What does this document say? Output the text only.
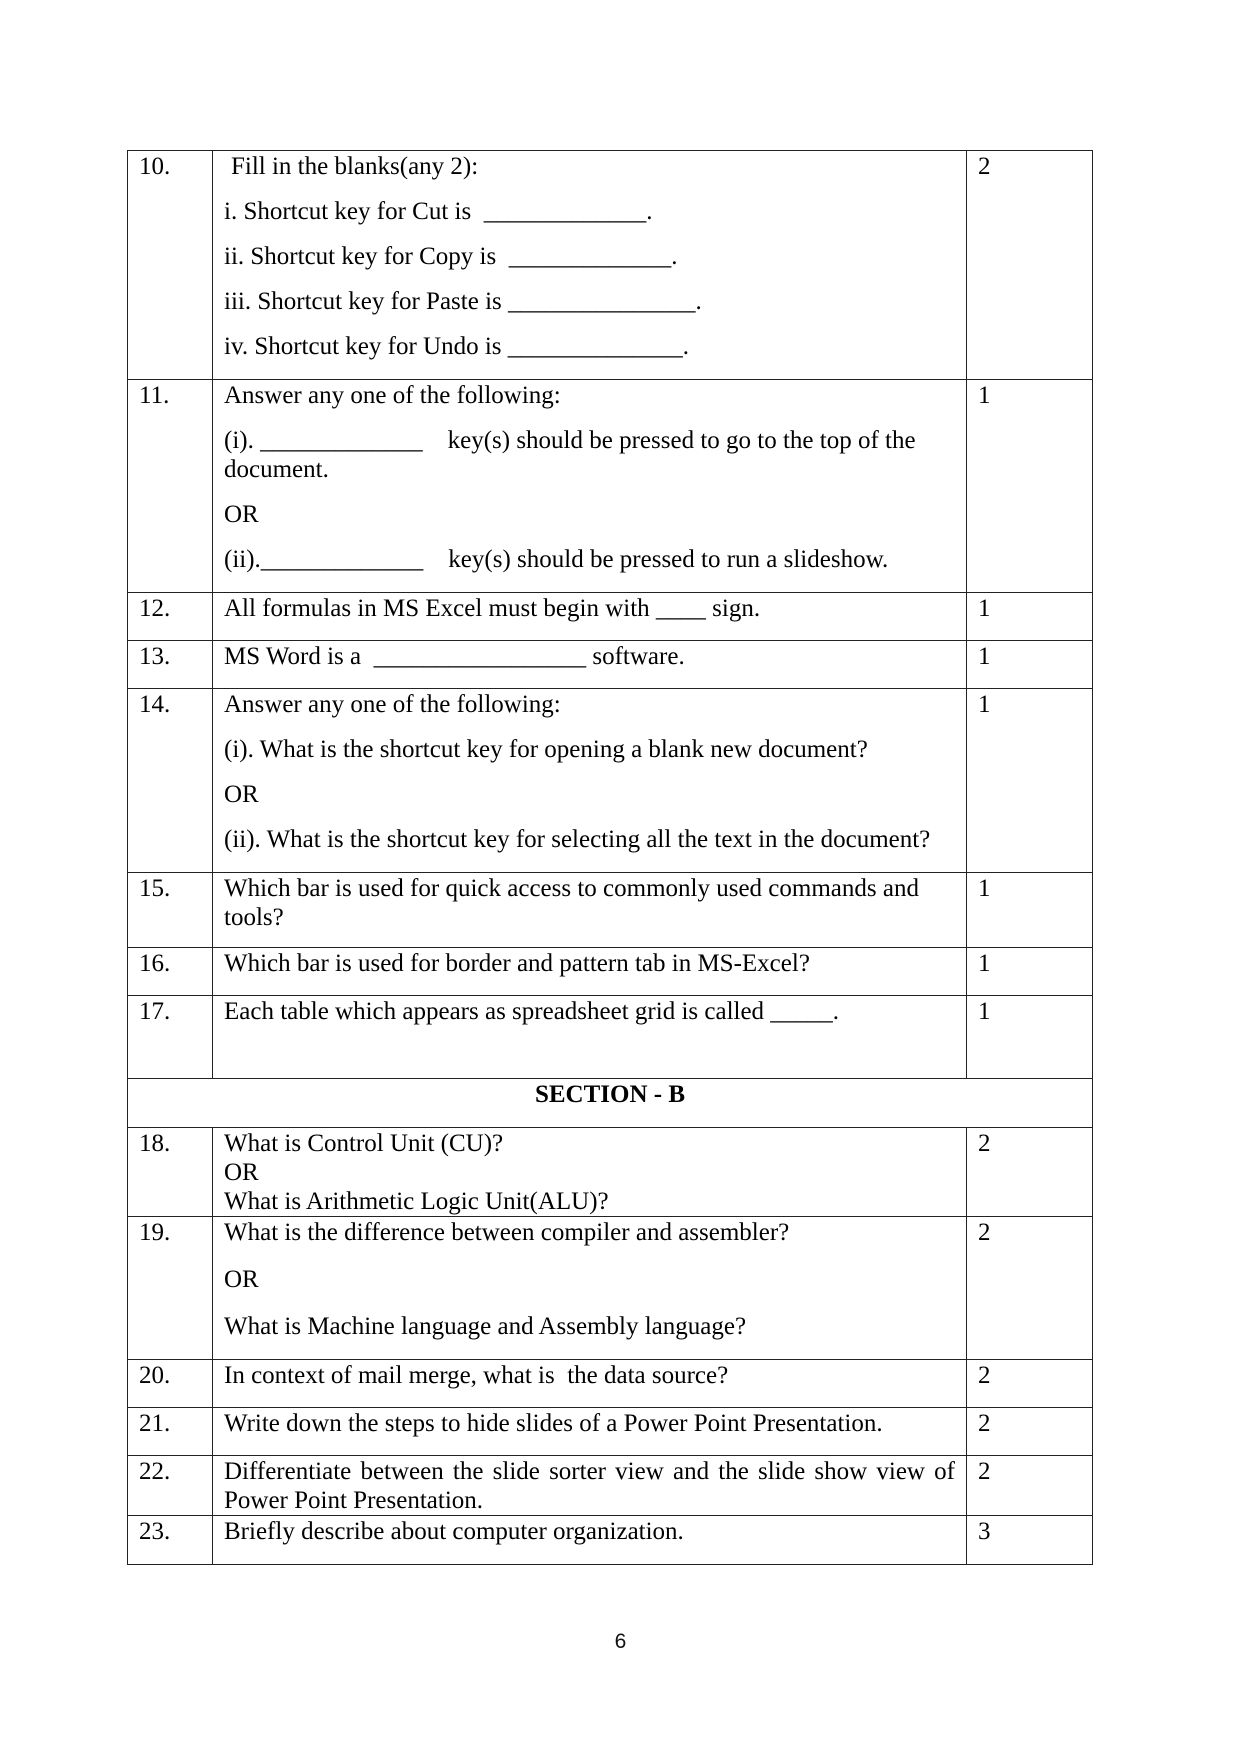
10.	Fill in the blanks(any 2):

i. Shortcut key for Cut is  _____________.

ii. Shortcut key for Copy is  _____________.

iii. Shortcut key for Paste is _______________.

iv. Shortcut key for Undo is ______________.	2
11.	Answer any one of the following:

(i). _____________    key(s) should be pressed to go to the top of the document.

OR

(ii)._____________    key(s) should be pressed to run a slideshow.	1
12.	All formulas in MS Excel must begin with ____ sign.	1
13.	MS Word is a  _________________ software.	1
14.	Answer any one of the following:

(i). What is the shortcut key for opening a blank new document?

OR

(ii). What is the shortcut key for selecting all the text in the document?	1
15.	Which bar is used for quick access to commonly used commands and tools?	1
16.	Which bar is used for border and pattern tab in MS-Excel?	1
17.	Each table which appears as spreadsheet grid is called _____.	1
SECTION - B		
18.	What is Control Unit (CU)?

OR

What is Arithmetic Logic Unit(ALU)?	2
19.	What is the difference between compiler and assembler?

OR

What is Machine language and Assembly language?	2
20.	In context of mail merge, what is  the data source?	2
21.	Write down the steps to hide slides of a Power Point Presentation.	2
22.	Differentiate between the slide sorter view and the slide show view of Power Point Presentation.	2
23.	Briefly describe about computer organization.	3
6
